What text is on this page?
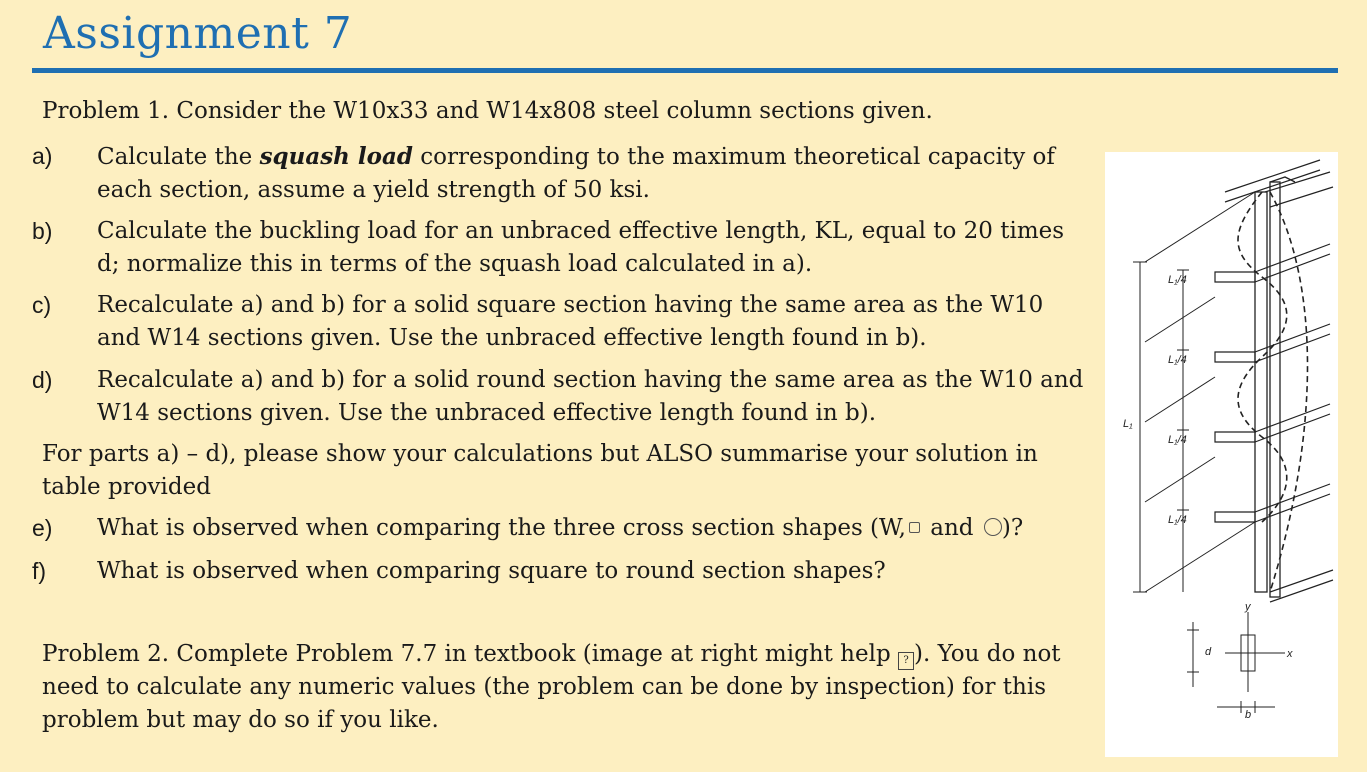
Assignment 7
Problem 1. Consider the W10x33 and W14x808 steel column sections given.
a)	Calculate the squash load corresponding to the maximum theoretical capacity of each section, assume a yield strength of 50 ksi.
b)	Calculate the buckling load for an unbraced effective length, KL, equal to 20 times d; normalize this in terms of the squash load calculated in a).
c)	Recalculate a) and b) for a solid square section having the same area as the W10 and W14 sections given. Use the unbraced effective length found in b).
d)	Recalculate a) and b) for a solid round section having the same area as the W10 and W14 sections given. Use the unbraced effective length found in b).
For parts a) – d), please show your calculations but ALSO summarise your solution in table provided
e)	What is observed when comparing the three cross section shapes (W, and )?
f)	What is observed when comparing square to round section shapes?
Problem 2. Complete Problem 7.7 in textbook (image at right might help ? ). You do not need to calculate any numeric values (the problem can be done by inspection) for this problem but may do so if you like.
L₁
L₁/4
L₁/4
L₁/4
L₁/4
y
x
d
b
